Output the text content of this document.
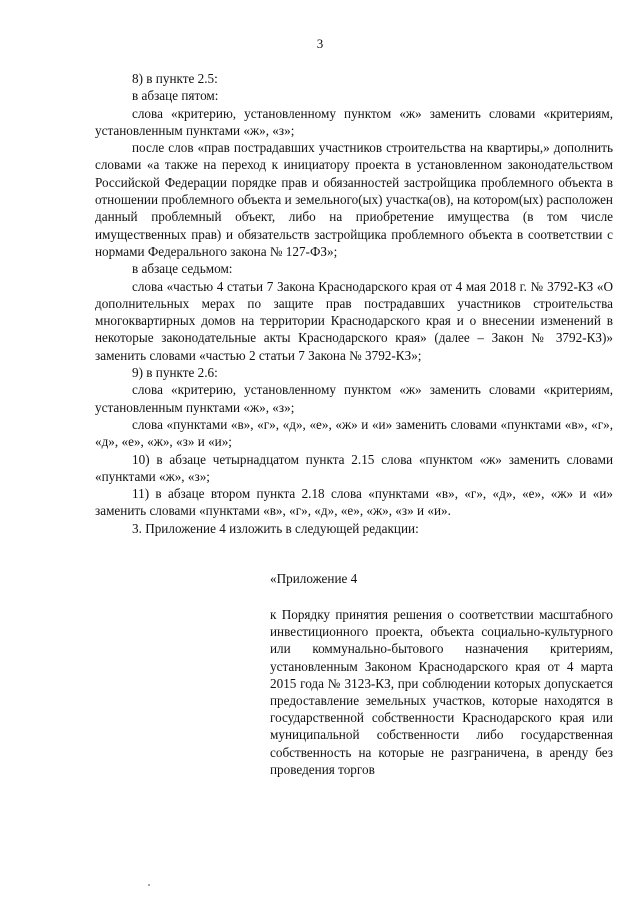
3

8) в пункте 2.5:

в абзаце пятом:

слова «критерию, установленному пунктом «ж» заменить словами «критериям, установленным пунктами «ж», «з»;

после слов «прав пострадавших участников строительства на квартиры,» дополнить словами «а также на переход к инициатору проекта в установленном законодательством Российской Федерации порядке прав и обязанностей застройщика проблемного объекта в отношении проблемного объекта и земельного(ых) участка(ов), на котором(ых) расположен данный проблемный объект, либо на приобретение имущества (в том числе имущественных прав) и обязательств застройщика проблемного объекта в соответствии с нормами Федерального закона № 127-ФЗ»;

в абзаце седьмом:

слова «частью 4 статьи 7 Закона Краснодарского края от 4 мая 2018 г. № 3792-КЗ «О дополнительных мерах по защите прав пострадавших участников строительства многоквартирных домов на территории Краснодарского края и о внесении изменений в некоторые законодательные акты Краснодарского края» (далее – Закон № 3792-КЗ)» заменить словами «частью 2 статьи 7 Закона № 3792-КЗ»;

9) в пункте 2.6:

слова «критерию, установленному пунктом «ж» заменить словами «критериям, установленным пунктами «ж», «з»;

слова «пунктами «в», «г», «д», «е», «ж» и «и» заменить словами «пунктами «в», «г», «д», «е», «ж», «з» и «и»;

10) в абзаце четырнадцатом пункта 2.15 слова «пунктом «ж» заменить словами «пунктами «ж», «з»;

11) в абзаце втором пункта 2.18 слова «пунктами «в», «г», «д», «е», «ж» и «и» заменить словами «пунктами «в», «г», «д», «е», «ж», «з» и «и».

3. Приложение 4 изложить в следующей редакции:

«Приложение 4
к Порядку принятия решения о соответствии масштабного инвестиционного проекта, объекта социально-культурного или коммунально-бытового назначения критериям, установленным Законом Краснодарского края от 4 марта 2015 года № 3123-КЗ, при соблюдении которых допускается предоставление земельных участков, которые находятся в государственной собственности Краснодарского края или муниципальной собственности либо государственная собственность на которые не разграничена, в аренду без проведения торгов
